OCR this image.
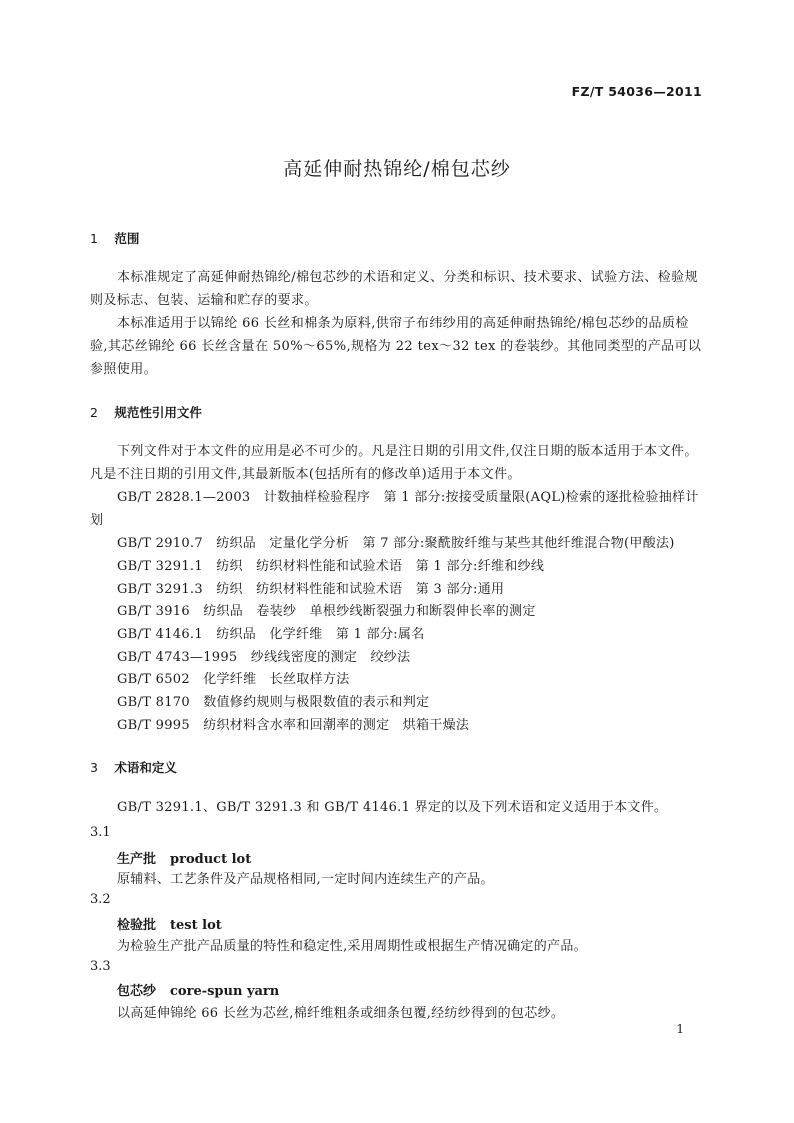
FZ/T 54036—2011
高延伸耐热锦纶/棉包芯纱
1 范围
本标准规定了高延伸耐热锦纶/棉包芯纱的术语和定义、分类和标识、技术要求、试验方法、检验规则及标志、包装、运输和贮存的要求。
本标准适用于以锦纶 66 长丝和棉条为原料,供帘子布纬纱用的高延伸耐热锦纶/棉包芯纱的品质检验,其芯丝锦纶 66 长丝含量在 50%～65%,规格为 22 tex～32 tex 的卷装纱。其他同类型的产品可以参照使用。
2 规范性引用文件
下列文件对于本文件的应用是必不可少的。凡是注日期的引用文件,仅注日期的版本适用于本文件。凡是不注日期的引用文件,其最新版本(包括所有的修改单)适用于本文件。
GB/T 2828.1—2003　计数抽样检验程序　第 1 部分:按接受质量限(AQL)检索的逐批检验抽样计划
GB/T 2910.7　纺织品　定量化学分析　第 7 部分:聚酰胺纤维与某些其他纤维混合物(甲酸法)
GB/T 3291.1　纺织　纺织材料性能和试验术语　第 1 部分:纤维和纱线
GB/T 3291.3　纺织　纺织材料性能和试验术语　第 3 部分:通用
GB/T 3916　纺织品　卷装纱　单根纱线断裂强力和断裂伸长率的测定
GB/T 4146.1　纺织品　化学纤维　第 1 部分:属名
GB/T 4743—1995　纱线线密度的测定　绞纱法
GB/T 6502　化学纤维　长丝取样方法
GB/T 8170　数值修约规则与极限数值的表示和判定
GB/T 9995　纺织材料含水率和回潮率的测定　烘箱干燥法
3 术语和定义
GB/T 3291.1、GB/T 3291.3 和 GB/T 4146.1 界定的以及下列术语和定义适用于本文件。
3.1
生产批 product lot
原辅料、工艺条件及产品规格相同,一定时间内连续生产的产品。
3.2
检验批 test lot
为检验生产批产品质量的特性和稳定性,采用周期性或根据生产情况确定的产品。
3.3
包芯纱 core-spun yarn
以高延伸锦纶 66 长丝为芯丝,棉纤维粗条或细条包覆,经纺纱得到的包芯纱。
1
